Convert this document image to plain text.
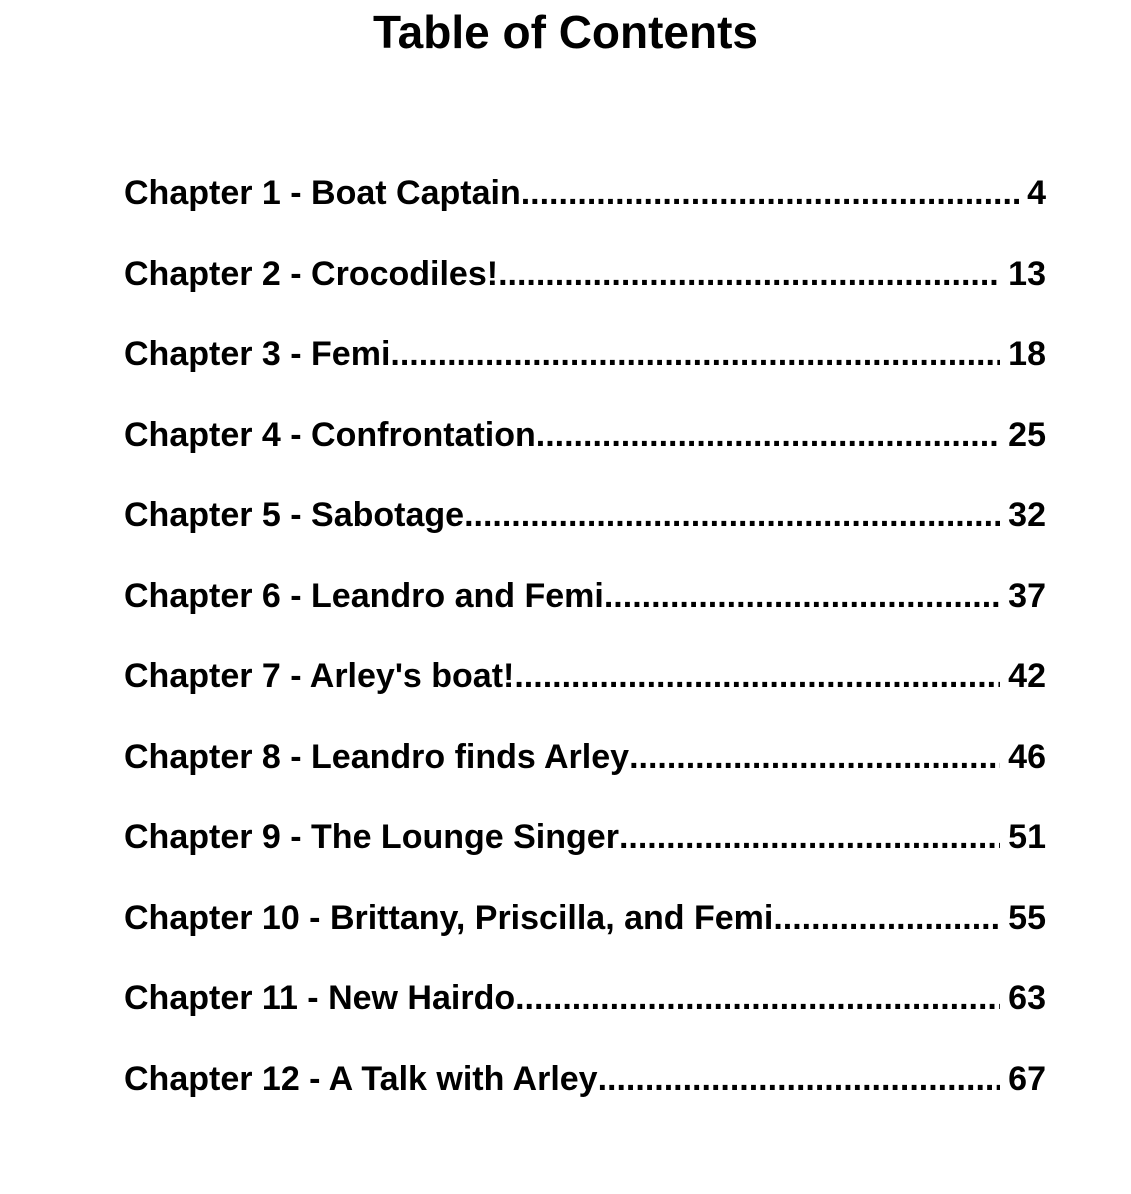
Table of Contents
Chapter 1 - Boat Captain .....	4
Chapter 2 - Crocodiles! .....	13
Chapter 3 - Femi .....	18
Chapter 4 - Confrontation .....	25
Chapter 5 - Sabotage .....	32
Chapter 6 - Leandro and Femi .....	37
Chapter 7 - Arley's boat! .....	42
Chapter 8 - Leandro finds Arley .....	46
Chapter 9 - The Lounge Singer .....	51
Chapter 10 - Brittany, Priscilla, and Femi .....	55
Chapter 11 - New Hairdo .....	63
Chapter 12 - A Talk with Arley .....	67
